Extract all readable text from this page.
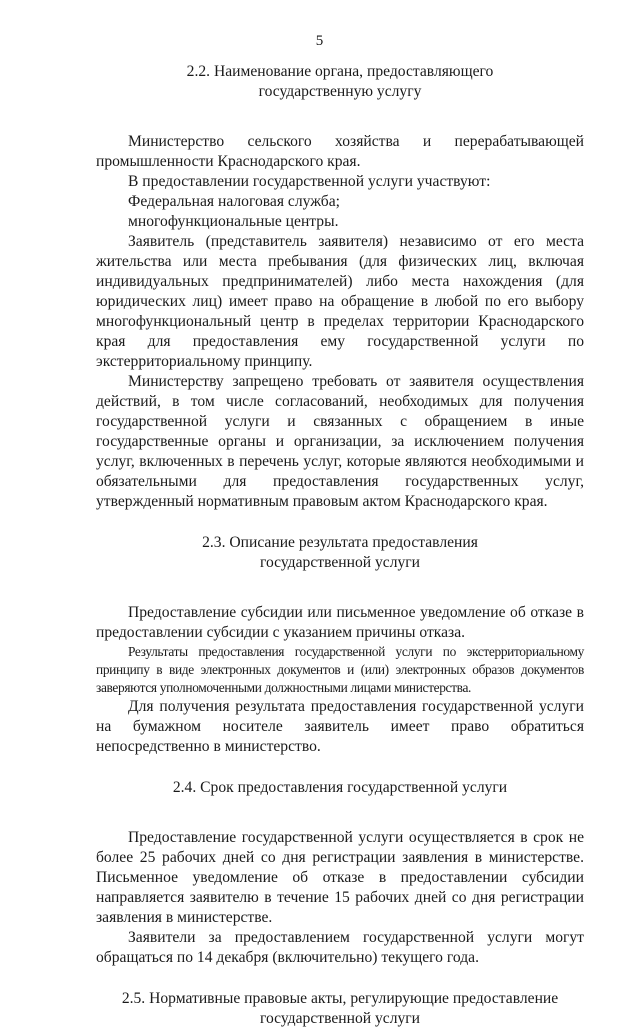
5
2.2. Наименование органа, предоставляющего
государственную услугу

Министерство сельского хозяйства и перерабатывающей промышленности Краснодарского края.

В предоставлении государственной услуги участвуют:

Федеральная налоговая служба;

многофункциональные центры.

Заявитель (представитель заявителя) независимо от его места жительства или места пребывания (для физических лиц, включая индивидуальных предпринимателей) либо места нахождения (для юридических лиц) имеет право на обращение в любой по его выбору многофункциональный центр в пределах территории Краснодарского края для предоставления ему государственной услуги по экстерриториальному принципу.

Министерству запрещено требовать от заявителя осуществления действий, в том числе согласований, необходимых для получения государственной услуги и связанных с обращением в иные государственные органы и организации, за исключением получения услуг, включенных в перечень услуг, которые являются необходимыми и обязательными для предоставления государственных услуг, утвержденный нормативным правовым актом Краснодарского края.

2.3. Описание результата предоставления
государственной услуги

Предоставление субсидии или письменное уведомление об отказе в предоставлении субсидии с указанием причины отказа.

Результаты предоставления государственной услуги по экстерриториальному принципу в виде электронных документов и (или) электронных образов документов заверяются уполномоченными должностными лицами министерства.

Для получения результата предоставления государственной услуги на бумажном носителе заявитель имеет право обратиться непосредственно в министерство.

2.4. Срок предоставления государственной услуги

Предоставление государственной услуги осуществляется в срок не более 25 рабочих дней со дня регистрации заявления в министерстве. Письменное уведомление об отказе в предоставлении субсидии направляется заявителю в течение 15 рабочих дней со дня регистрации заявления в министерстве.

Заявители за предоставлением государственной услуги могут обращаться по 14 декабря (включительно) текущего года.

2.5. Нормативные правовые акты, регулирующие предоставление
государственной услуги
